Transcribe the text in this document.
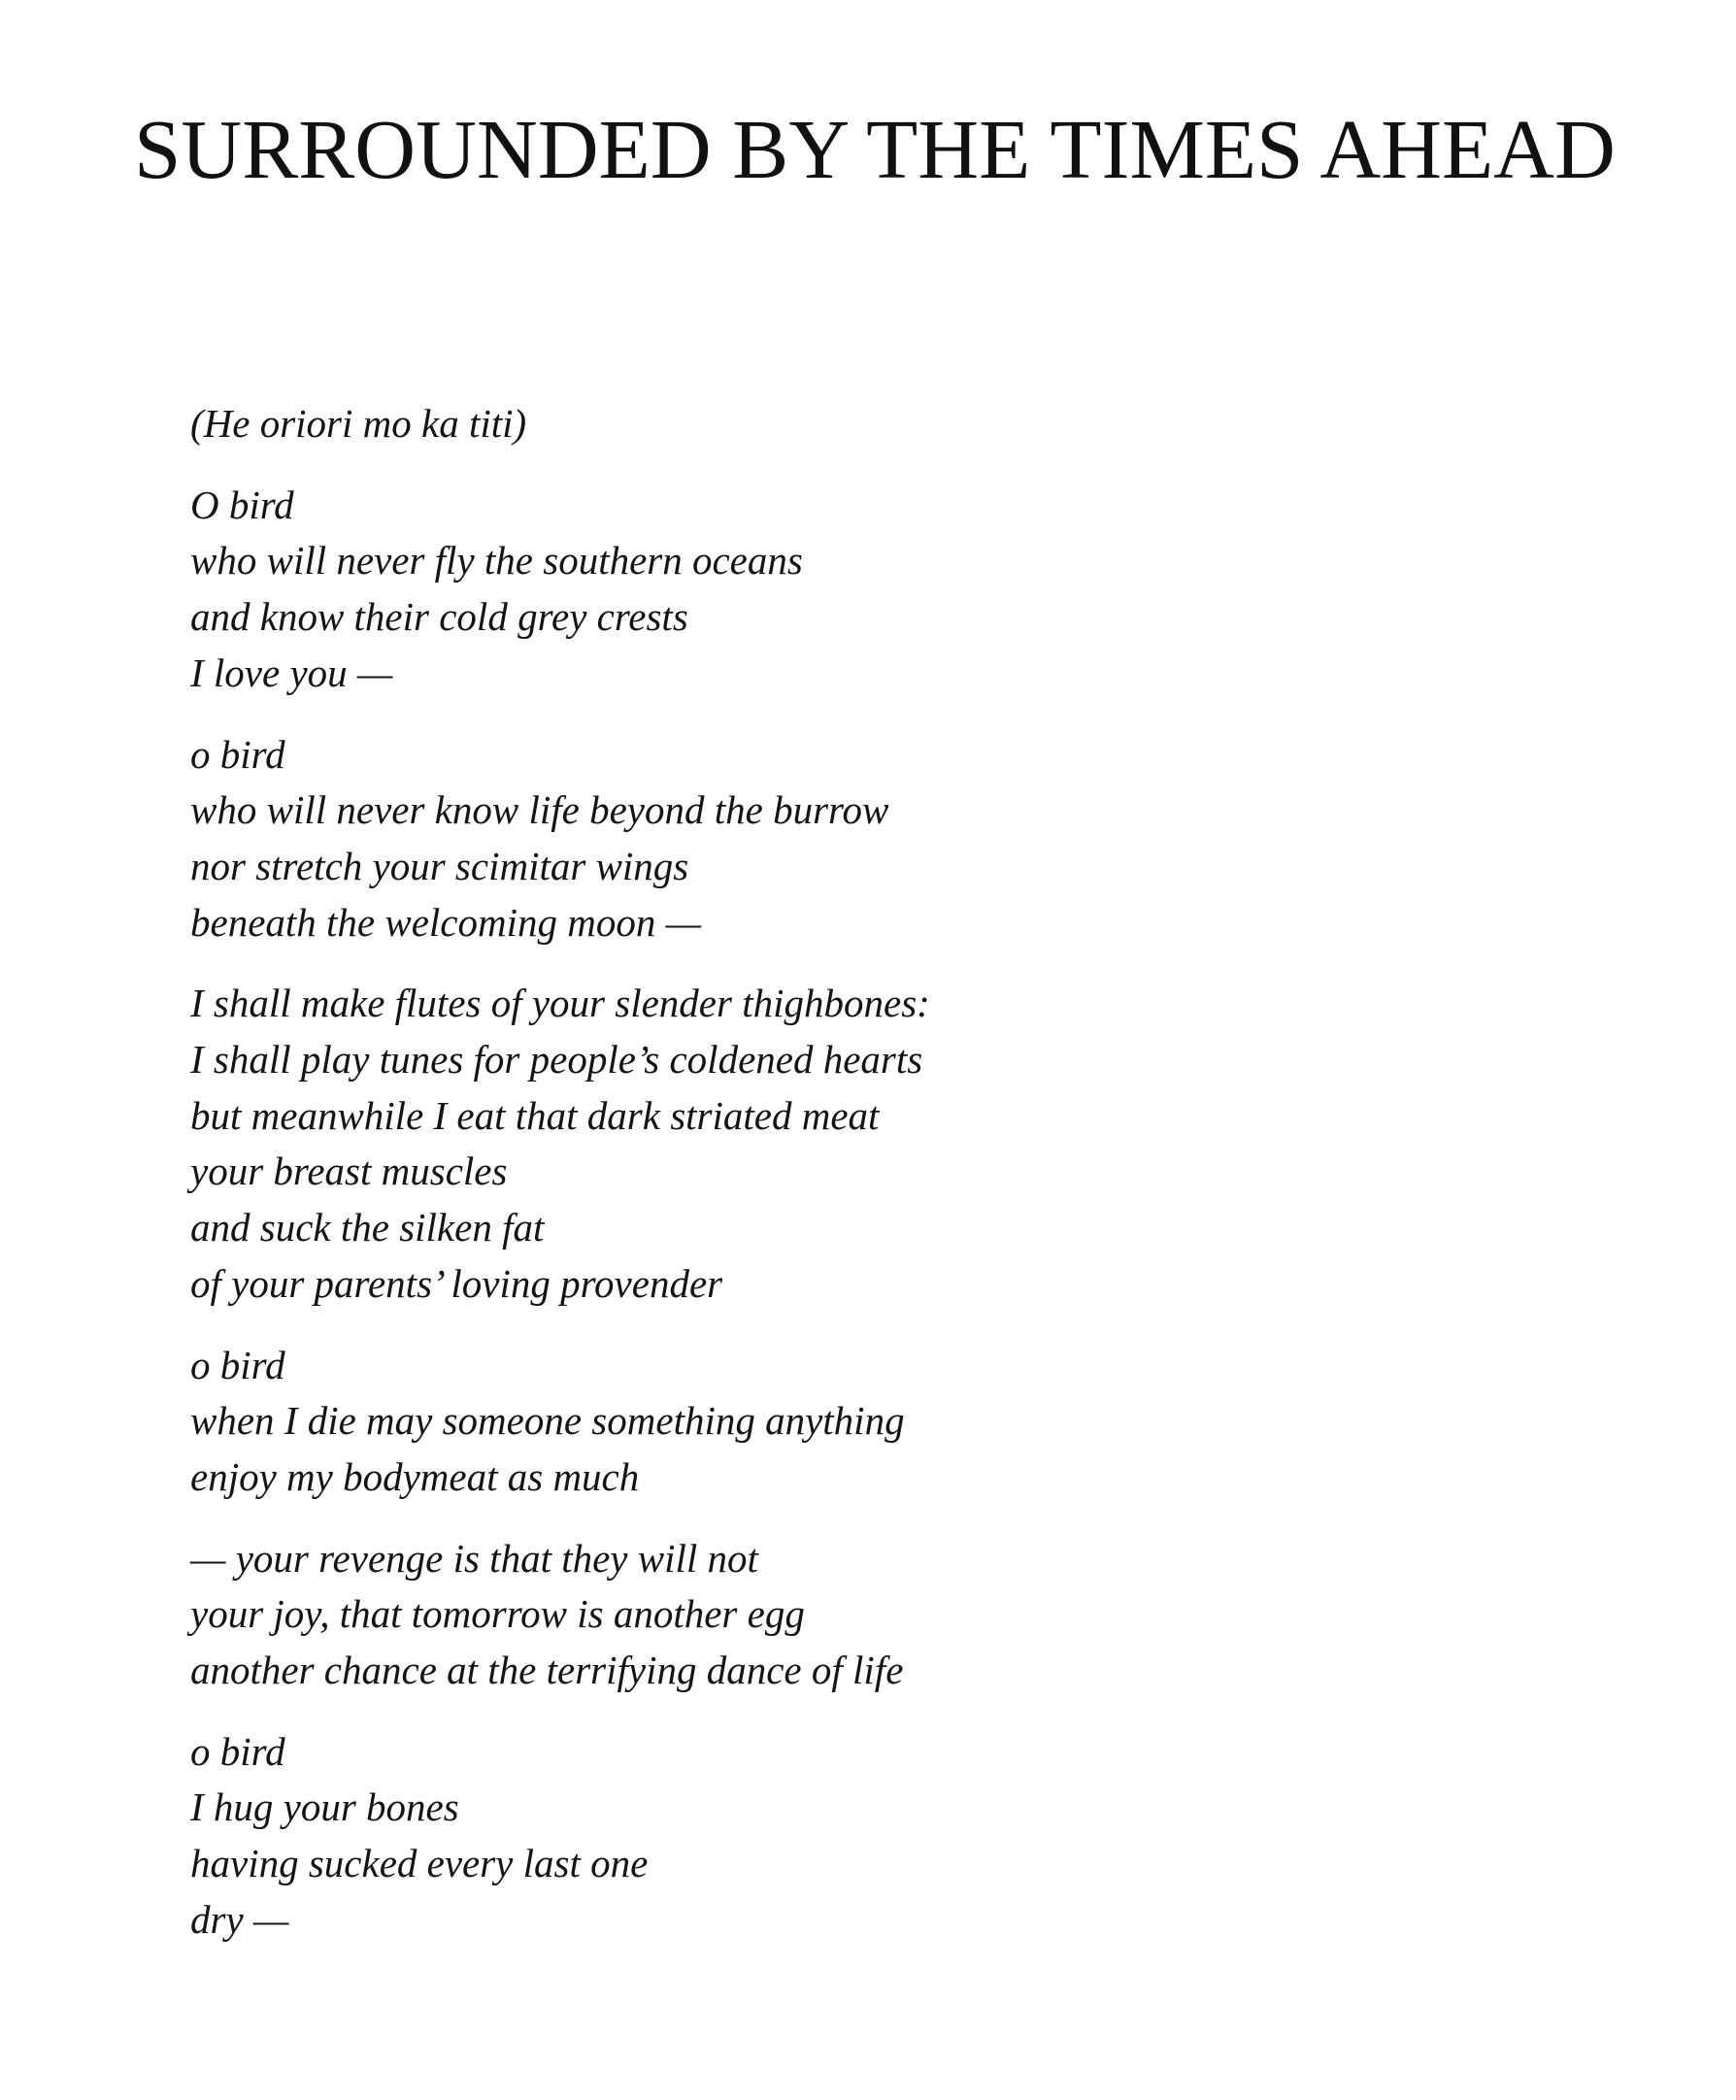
SURROUNDED BY THE TIMES AHEAD

(He oriori mo ka titi)

O bird
who will never fly the southern oceans
and know their cold grey crests
I love you —
o bird
who will never know life beyond the burrow
nor stretch your scimitar wings
beneath the welcoming moon —
I shall make flutes of your slender thighbones:
I shall play tunes for people’s coldened hearts
but meanwhile I eat that dark striated meat
your breast muscles
and suck the silken fat
of your parents’ loving provender
o bird
when I die may someone something anything
enjoy my bodymeat as much
— your revenge is that they will not
your joy, that tomorrow is another egg
another chance at the terrifying dance of life
o bird
I hug your bones
having sucked every last one
dry —
